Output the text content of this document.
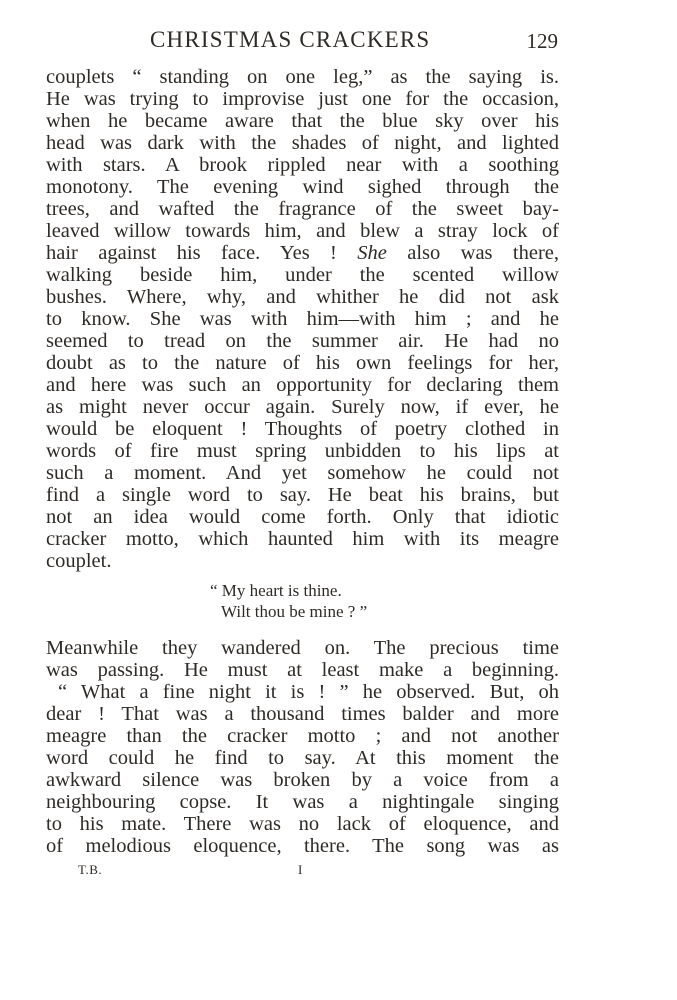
CHRISTMAS CRACKERS	129
couplets “ standing on one leg,” as the saying is.
He was trying to improvise just one for the occasion,
when he became aware that the blue sky over his
head was dark with the shades of night, and lighted
with stars. A brook rippled near with a soothing
monotony. The evening wind sighed through the
trees, and wafted the fragrance of the sweet bay-
leaved willow towards him, and blew a stray lock of
hair against his face. Yes ! She also was there,
walking beside him, under the scented willow
bushes. Where, why, and whither he did not ask
to know. She was with him—with him ; and he
seemed to tread on the summer air. He had no
doubt as to the nature of his own feelings for her,
and here was such an opportunity for declaring them
as might never occur again. Surely now, if ever, he
would be eloquent ! Thoughts of poetry clothed in
words of fire must spring unbidden to his lips at
such a moment. And yet somehow he could not
find a single word to say. He beat his brains, but
not an idea would come forth. Only that idiotic
cracker motto, which haunted him with its meagre
couplet.
“ My heart is thine.
Wilt thou be mine ? ”
Meanwhile they wandered on. The precious time
was passing. He must at least make a beginning.
“ What a fine night it is ! ” he observed. But, oh
dear ! That was a thousand times balder and more
meagre than the cracker motto ; and not another
word could he find to say. At this moment the
awkward silence was broken by a voice from a
neighbouring copse. It was a nightingale singing
to his mate. There was no lack of eloquence, and
of melodious eloquence, there. The song was as
T.B.	I
